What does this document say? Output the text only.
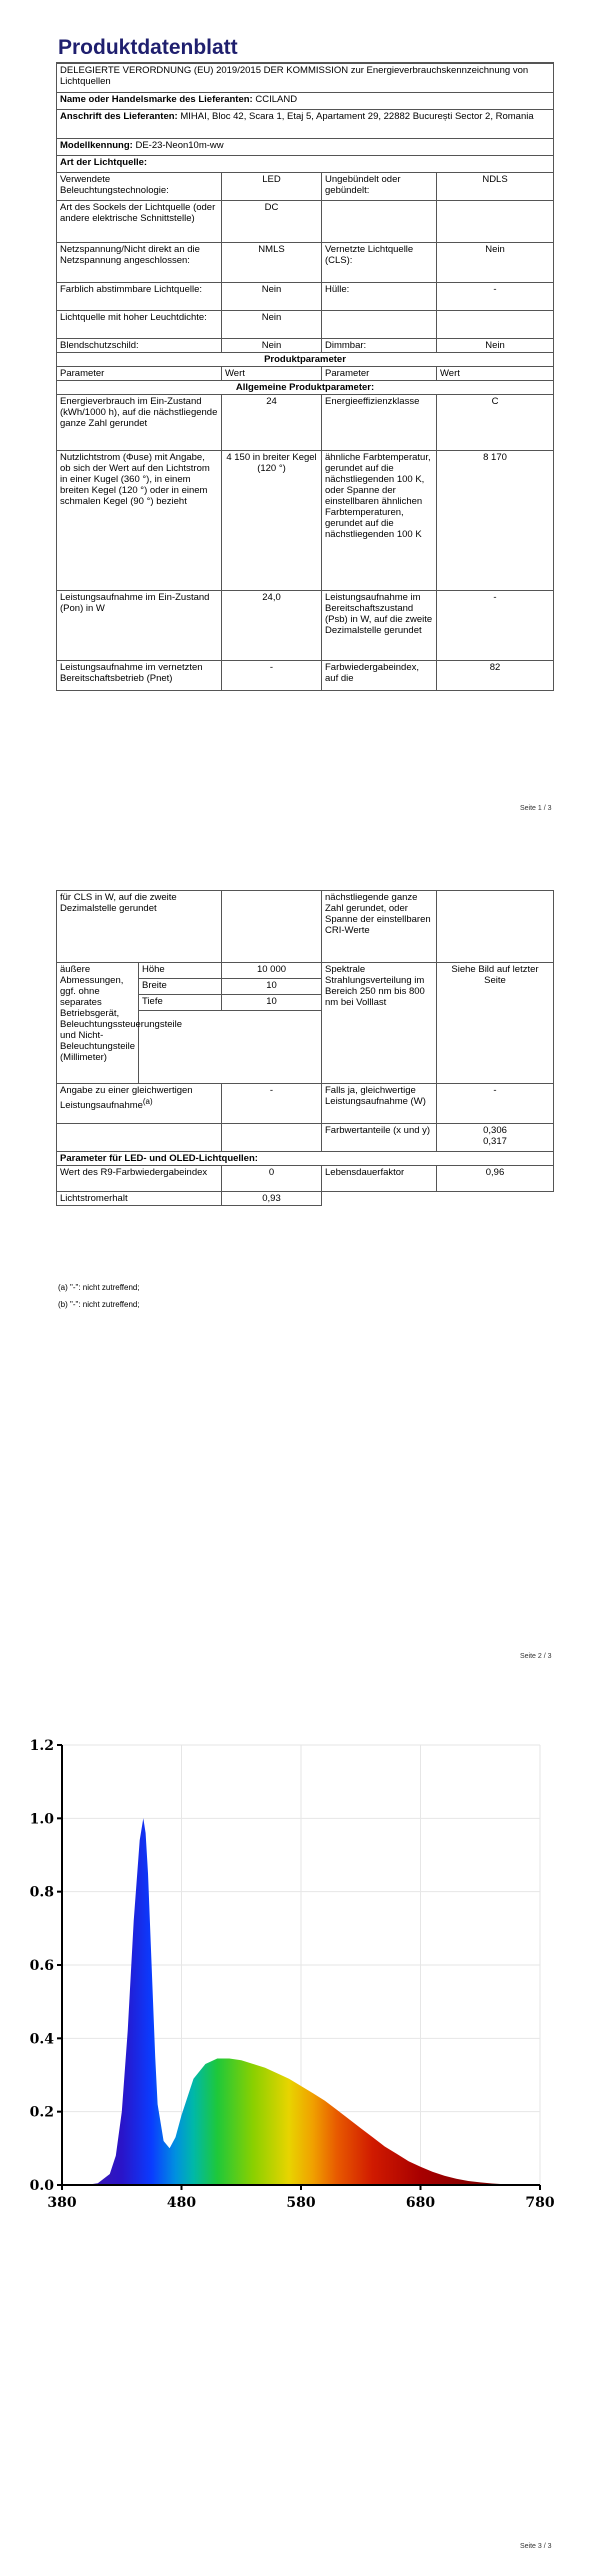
Produktdatenblatt
DELEGIERTE VERORDNUNG (EU) 2019/2015 DER KOMMISSION zur Energieverbrauchskennzeichnung von Lichtquellen			
Name oder Handelsmarke des Lieferanten: CCILAND			
Anschrift des Lieferanten: MIHAI, Bloc 42, Scara 1, Etaj 5, Apartament 29, 22882 București Sector 2, Romania			
Modellkennung: DE-23-Neon10m-ww			
Art der Lichtquelle:			
Verwendete Beleuchtungstechnologie:	LED	Ungebündelt oder gebündelt:	NDLS
Art des Sockels der Lichtquelle (oder andere elektrische Schnittstelle)	DC		
Netzspannung/Nicht direkt an die Netzspannung angeschlossen:	NMLS	Vernetzte Lichtquelle (CLS):	Nein
Farblich abstimmbare Lichtquelle:	Nein	Hülle:	-
Lichtquelle mit hoher Leuchtdichte:	Nein		
Blendschutzschild:	Nein	Dimmbar:	Nein
Produktparameter			
Parameter	Wert	Parameter	Wert
Allgemeine Produktparameter:			
Energieverbrauch im Ein-Zustand (kWh/1000 h), auf die nächstliegende ganze Zahl gerundet	24	Energieeffizienzklasse	C
Nutzlichtstrom (Φuse) mit Angabe, ob sich der Wert auf den Lichtstrom in einer Kugel (360 °), in einem breiten Kegel (120 °) oder in einem schmalen Kegel (90 °) bezieht	4 150 in breiter Kegel (120 °)	ähnliche Farbtemperatur, gerundet auf die nächstliegenden 100 K, oder Spanne der einstellbaren ähnlichen Farbtemperaturen, gerundet auf die nächstliegenden 100 K	8 170
Leistungsaufnahme im Ein-Zustand (Pon) in W	24,0	Leistungsaufnahme im Bereitschaftszustand (Psb) in W, auf die zweite Dezimalstelle gerundet	-
Leistungsaufnahme im vernetzten Bereitschaftsbetrieb (Pnet)	-	Farbwiedergabeindex, auf die	82
Seite 1 / 3
für CLS in W, auf die zweite Dezimalstelle gerundet			nächstliegende ganze Zahl gerundet, oder Spanne der einstellbaren CRI-Werte	
äußere Abmessungen, ggf. ohne separates Betriebsgerät, Beleuchtungssteuerungsteile und Nicht-Beleuchtungsteile (Millimeter)	Höhe	10 000	Spektrale Strahlungsverteilung im Bereich 250 nm bis 800 nm bei Volllast	Siehe Bild auf letzter Seite
	Breite	10		
	Tiefe	10		

Angabe zu einer gleichwertigen Leistungsaufnahme$^{(a)}$		-	Falls ja, gleichwertige Leistungsaufnahme (W)	-
			Farbwertanteile (x und y)	0,306
0,317
Parameter für LED- und OLED-Lichtquellen:				
Wert des R9-Farbwiedergabeindex		0	Lebensdauerfaktor	0,96
Lichtstromerhalt		0,93		
(a) "-": nicht zutreffend;
(b) "-": nicht zutreffend;
Seite 2 / 3
0.0
0.2
0.4
0.6
0.8
1.0
1.2
380	480	580	680	780
Seite 3 / 3
